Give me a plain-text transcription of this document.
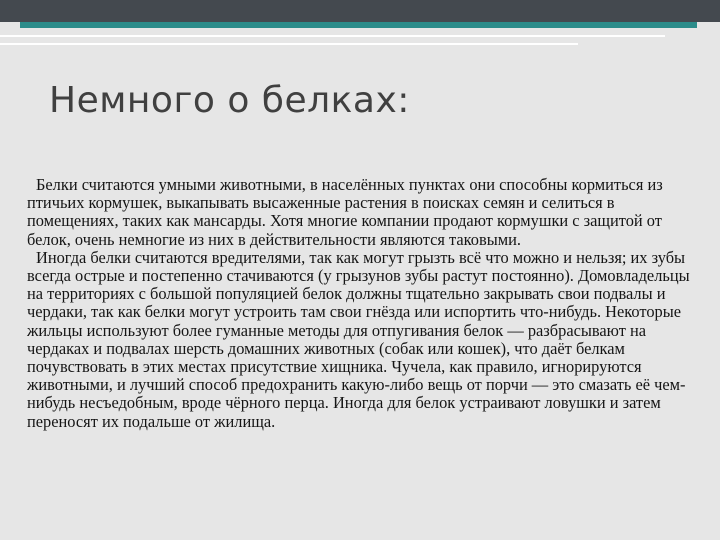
Немного о белках:

Белки считаются умными животными, в населённых пунктах они способны кормиться из птичьих кормушек, выкапывать высаженные растения в поисках семян и селиться в помещениях, таких как мансарды. Хотя многие компании продают кормушки с защитой от белок, очень немногие из них в действительности являются таковыми.

Иногда белки считаются вредителями, так как могут грызть всё что можно и нельзя; их зубы всегда острые и постепенно стачиваются (у грызунов зубы растут постоянно). Домовладельцы на территориях с большой популяцией белок должны тщательно закрывать свои подвалы и чердаки, так как белки могут устроить там свои гнёзда или испортить что-нибудь. Некоторые жильцы используют более гуманные методы для отпугивания белок — разбрасывают на чердаках и подвалах шерсть домашних животных (собак или кошек), что даёт белкам почувствовать в этих местах присутствие хищника. Чучела, как правило, игнорируются животными, и лучший способ предохранить какую-либо вещь от порчи — это смазать её чем-нибудь несъедобным, вроде чёрного перца. Иногда для белок устраивают ловушки и затем переносят их подальше от жилища.
